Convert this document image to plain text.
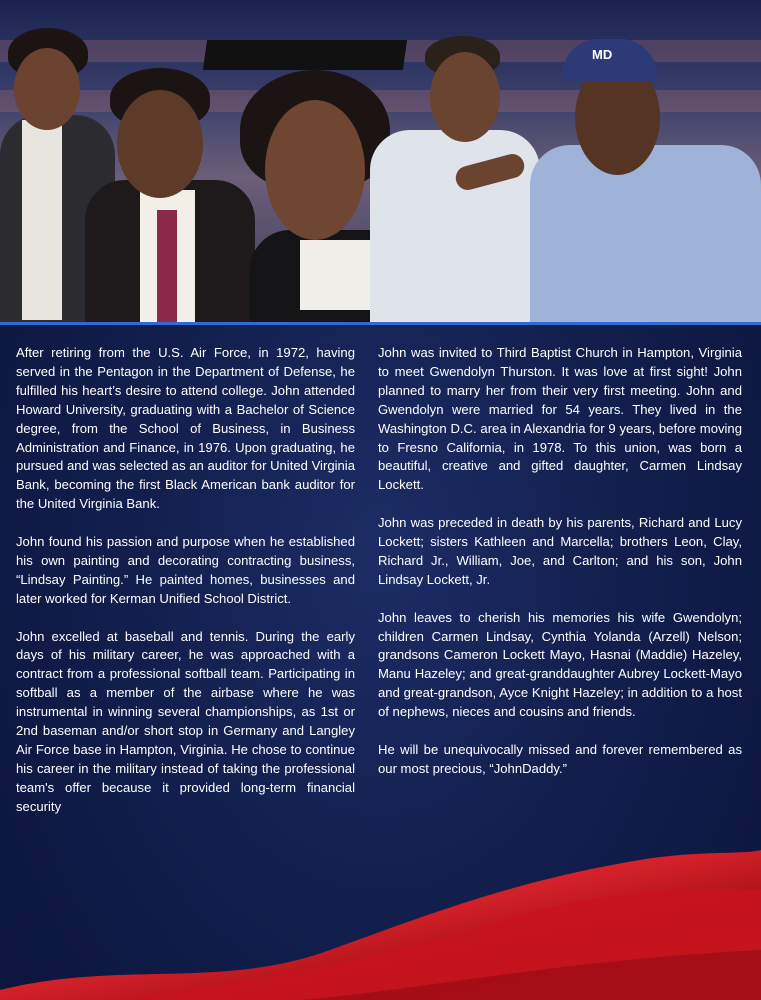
MD

After retiring from the U.S. Air Force, in 1972, having served in the Pentagon in the Department of Defense, he fulfilled his heart’s desire to attend college. John attended Howard University, graduating with a Bachelor of Science degree, from the School of Business, in Business Administration and Finance, in 1976. Upon graduating, he pursued and was selected as an auditor for United Virginia Bank, becoming the first Black American bank auditor for the United Virginia Bank.

John found his passion and purpose when he established his own painting and decorating contracting business, “Lindsay Painting.” He painted homes, businesses and later worked for Kerman Unified School District.

John excelled at baseball and tennis. During the early days of his military career, he was approached with a contract from a professional softball team. Participating in softball as a member of the airbase where he was instrumental in winning several championships, as 1st or 2nd baseman and/or short stop in Germany and Langley Air Force base in Hampton, Virginia. He chose to continue his career in the military instead of taking the professional team's offer because it provided long-term financial security

John was invited to Third Baptist Church in Hampton, Virginia to meet Gwendolyn Thurston. It was love at first sight! John planned to marry her from their very first meeting. John and Gwendolyn were married for 54 years. They lived in the Washington D.C. area in Alexandria for 9 years, before moving to Fresno California, in 1978. To this union, was born a beautiful, creative and gifted daughter, Carmen Lindsay Lockett.

John was preceded in death by his parents, Richard and Lucy Lockett; sisters Kathleen and Marcella; brothers Leon, Clay, Richard Jr., William, Joe, and Carlton; and his son, John Lindsay Lockett, Jr.

John leaves to cherish his memories his wife Gwendolyn; children Carmen Lindsay, Cynthia Yolanda (Arzell) Nelson; grandsons Cameron Lockett Mayo, Hasnai (Maddie) Hazeley, Manu Hazeley; and great-granddaughter Aubrey Lockett-Mayo and great-grandson, Ayce Knight Hazeley; in addition to a host of nephews, nieces and cousins and friends.

He will be unequivocally missed and forever remembered as our most precious, “JohnDaddy.”
